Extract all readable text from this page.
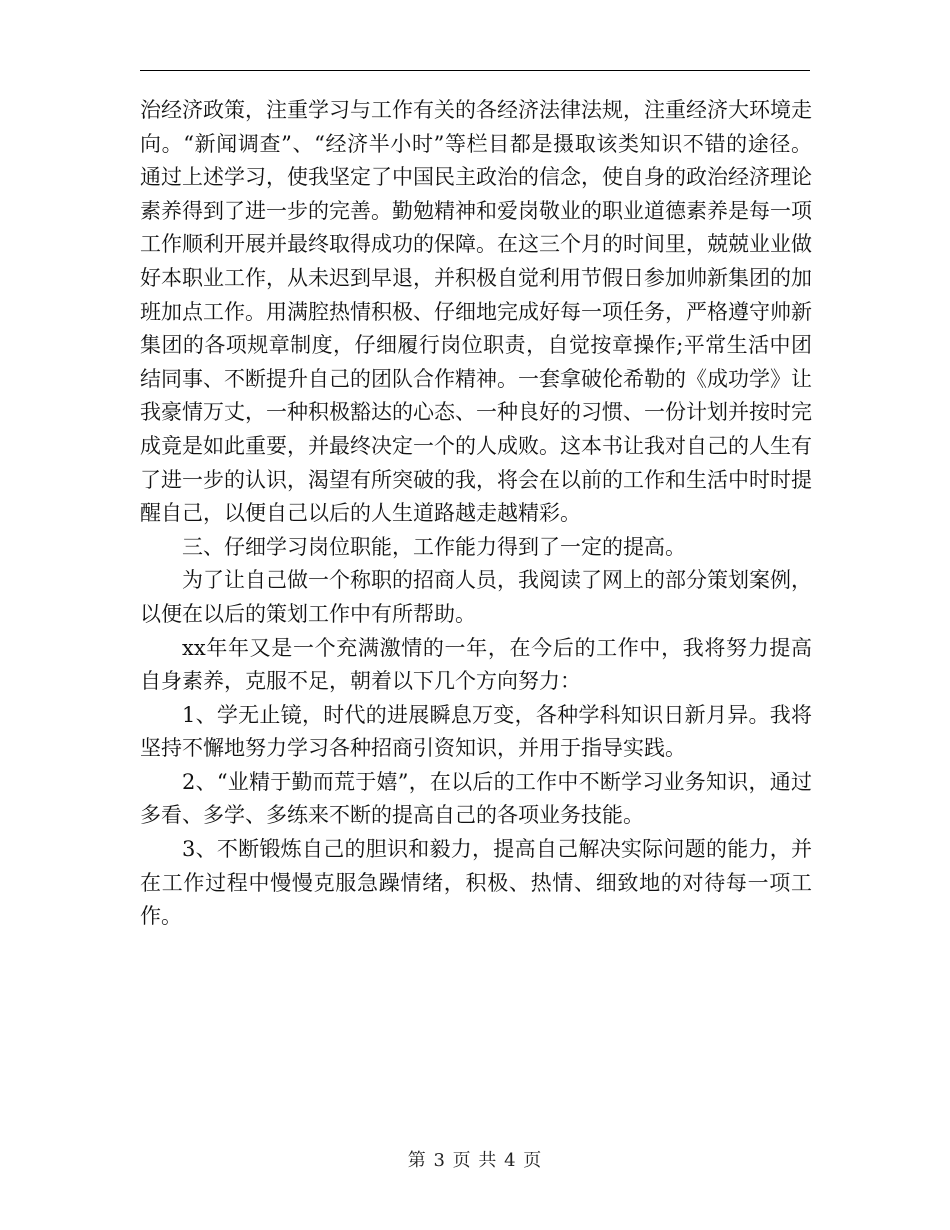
治经济政策，注重学习与工作有关的各经济法律法规，注重经济大环境走向。“新闻调查”、“经济半小时”等栏目都是摄取该类知识不错的途径。通过上述学习，使我坚定了中国民主政治的信念，使自身的政治经济理论素养得到了进一步的完善。勤勉精神和爱岗敬业的职业道德素养是每一项工作顺利开展并最终取得成功的保障。在这三个月的时间里，兢兢业业做好本职业工作，从未迟到早退，并积极自觉利用节假日参加帅新集团的加班加点工作。用满腔热情积极、仔细地完成好每一项任务，严格遵守帅新集团的各项规章制度，仔细履行岗位职责，自觉按章操作;平常生活中团结同事、不断提升自己的团队合作精神。一套拿破伦希勒的《成功学》让我豪情万丈，一种积极豁达的心态、一种良好的习惯、一份计划并按时完成竟是如此重要，并最终决定一个的人成败。这本书让我对自己的人生有了进一步的认识，渴望有所突破的我，将会在以前的工作和生活中时时提醒自己，以便自己以后的人生道路越走越精彩。

三、仔细学习岗位职能，工作能力得到了一定的提高。

为了让自己做一个称职的招商人员，我阅读了网上的部分策划案例，以便在以后的策划工作中有所帮助。

xx年年又是一个充满激情的一年，在今后的工作中，我将努力提高自身素养，克服不足，朝着以下几个方向努力：

1、学无止镜，时代的进展瞬息万变，各种学科知识日新月异。我将坚持不懈地努力学习各种招商引资知识，并用于指导实践。

2、“业精于勤而荒于嬉”，在以后的工作中不断学习业务知识，通过多看、多学、多练来不断的提高自己的各项业务技能。

3、不断锻炼自己的胆识和毅力，提高自己解决实际问题的能力，并在工作过程中慢慢克服急躁情绪，积极、热情、细致地的对待每一项工作。

第 3 页 共 4 页
